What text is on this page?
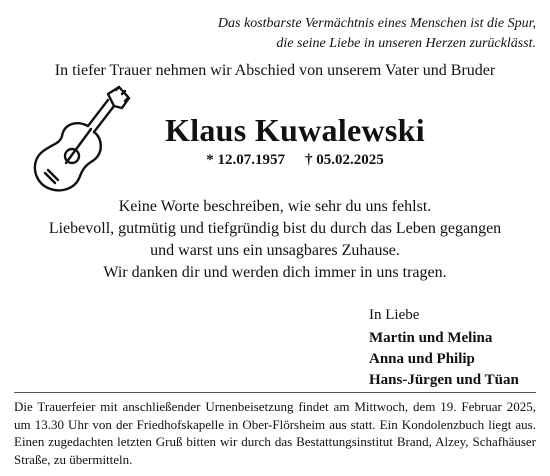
Das kostbarste Vermächtnis eines Menschen ist die Spur,
die seine Liebe in unseren Herzen zurücklässt.
In tiefer Trauer nehmen wir Abschied von unserem Vater und Bruder
Klaus Kuwalewski
* 12.07.1957 † 05.02.2025
Keine Worte beschreiben, wie sehr du uns fehlst.
Liebevoll, gutmütig und tiefgründig bist du durch das Leben gegangen
und warst uns ein unsagbares Zuhause.
Wir danken dir und werden dich immer in uns tragen.
In Liebe
Martin und Melina
Anna und Philip
Hans-Jürgen und Tüan
Die Trauerfeier mit anschließender Urnenbeisetzung findet am Mittwoch, dem 19. Februar 2025, um 13.30 Uhr von der Friedhofskapelle in Ober-Flörsheim aus statt. Ein Kondolenzbuch liegt aus. Einen zugedachten letzten Gruß bitten wir durch das Bestattungsinstitut Brand, Alzey, Schafhäuser Straße, zu übermitteln.
